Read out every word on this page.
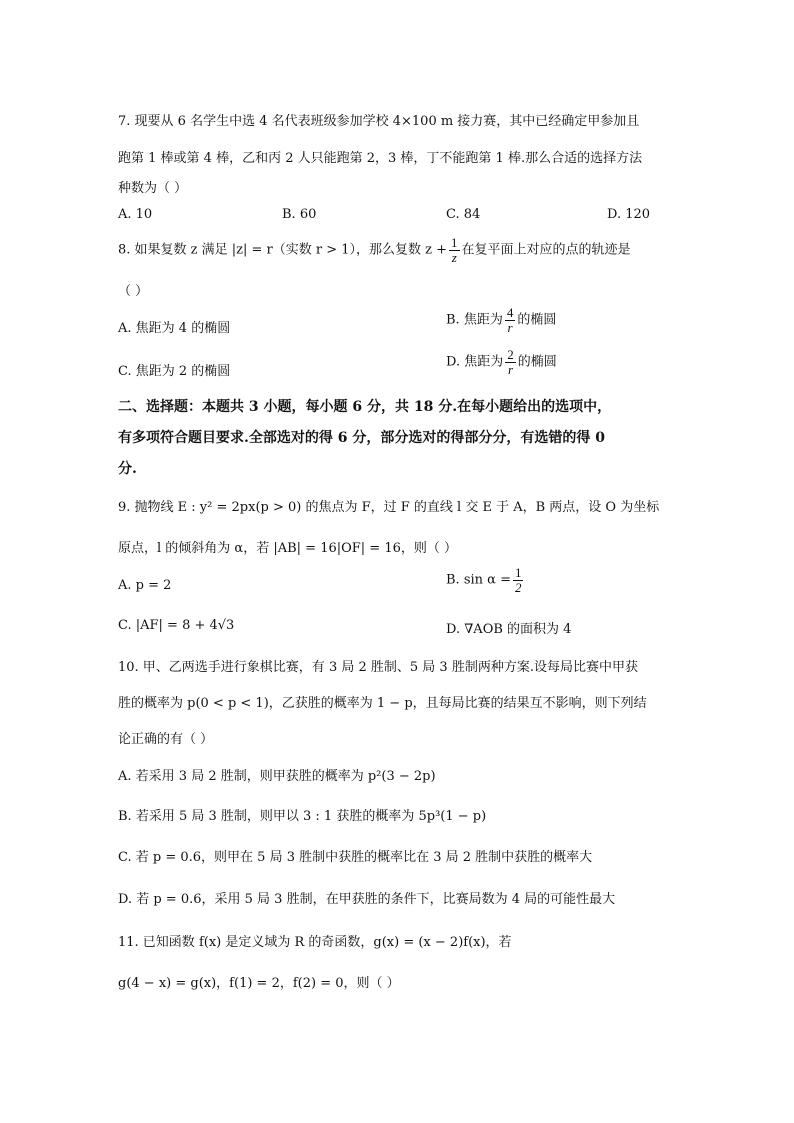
7. 现要从 6 名学生中选 4 名代表班级参加学校 4×100 m 接力赛，其中已经确定甲参加且
跑第 1 棒或第 4 棒，乙和丙 2 人只能跑第 2，3 棒，丁不能跑第 1 棒.那么合适的选择方法
种数为（ ）
A. 10	B. 60	C. 84	D. 120
8. 如果复数 z 满足 |z| = r（实数 r > 1），那么复数 $z + \frac{1}{z}$ 在复平面上对应的点的轨迹是
（ ）
A. 焦距为 4 的椭圆
B. 焦距为 $\frac{4}{r}$ 的椭圆
C. 焦距为 2 的椭圆
D. 焦距为 $\frac{2}{r}$ 的椭圆
二、选择题：本题共 3 小题，每小题 6 分，共 18 分.在每小题给出的选项中，
有多项符合题目要求.全部选对的得 6 分，部分选对的得部分分，有选错的得 0
分.
9. 抛物线 E : y² = 2px(p > 0) 的焦点为 F，过 F 的直线 l 交 E 于 A，B 两点，设 O 为坐标
原点，l 的倾斜角为 α，若 |AB| = 16|OF| = 16，则（ ）
A. p = 2	B. $\sin \alpha = \frac{1}{2}$
C. |AF| = 8 + 4√3	D. ∇AOB 的面积为 4
10. 甲、乙两选手进行象棋比赛，有 3 局 2 胜制、5 局 3 胜制两种方案.设每局比赛中甲获
胜的概率为 p(0 < p < 1)，乙获胜的概率为 1 − p，且每局比赛的结果互不影响，则下列结
论正确的有（ ）
A. 若采用 3 局 2 胜制，则甲获胜的概率为 p²(3 − 2p)
B. 若采用 5 局 3 胜制，则甲以 3 : 1 获胜的概率为 5p³(1 − p)
C. 若 p = 0.6，则甲在 5 局 3 胜制中获胜的概率比在 3 局 2 胜制中获胜的概率大
D. 若 p = 0.6，采用 5 局 3 胜制，在甲获胜的条件下，比赛局数为 4 局的可能性最大
11. 已知函数 f(x) 是定义域为 R 的奇函数，g(x) = (x − 2)f(x)，若
g(4 − x) = g(x)，f(1) = 2，f(2) = 0，则（ ）
